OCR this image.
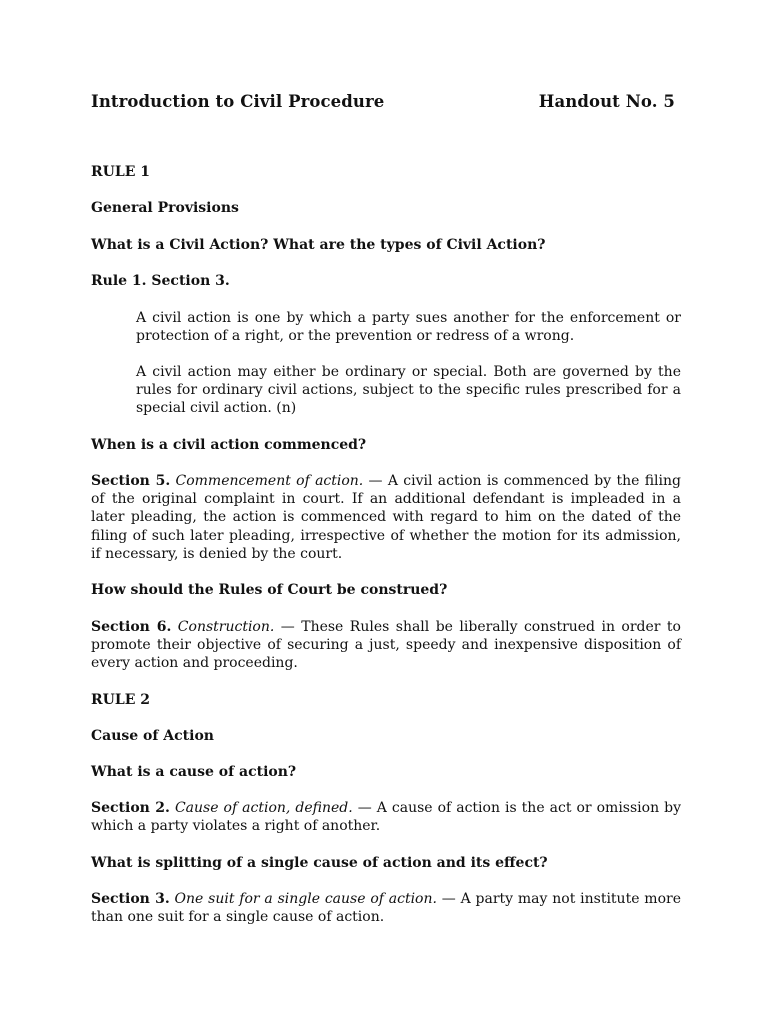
Introduction to Civil Procedure	Handout No. 5
RULE 1
General Provisions
What is a Civil Action? What are the types of Civil Action?
Rule 1. Section 3.
A civil action is one by which a party sues another for the enforcement or protection of a right, or the prevention or redress of a wrong.
A civil action may either be ordinary or special. Both are governed by the rules for ordinary civil actions, subject to the specific rules prescribed for a special civil action. (n)
When is a civil action commenced?
Section 5. Commencement of action. — A civil action is commenced by the filing of the original complaint in court. If an additional defendant is impleaded in a later pleading, the action is commenced with regard to him on the dated of the filing of such later pleading, irrespective of whether the motion for its admission, if necessary, is denied by the court.
How should the Rules of Court be construed?
Section 6. Construction. — These Rules shall be liberally construed in order to promote their objective of securing a just, speedy and inexpensive disposition of every action and proceeding.
RULE 2
Cause of Action
What is a cause of action?
Section 2. Cause of action, defined. — A cause of action is the act or omission by which a party violates a right of another.
What is splitting of a single cause of action and its effect?
Section 3. One suit for a single cause of action. — A party may not institute more than one suit for a single cause of action.
